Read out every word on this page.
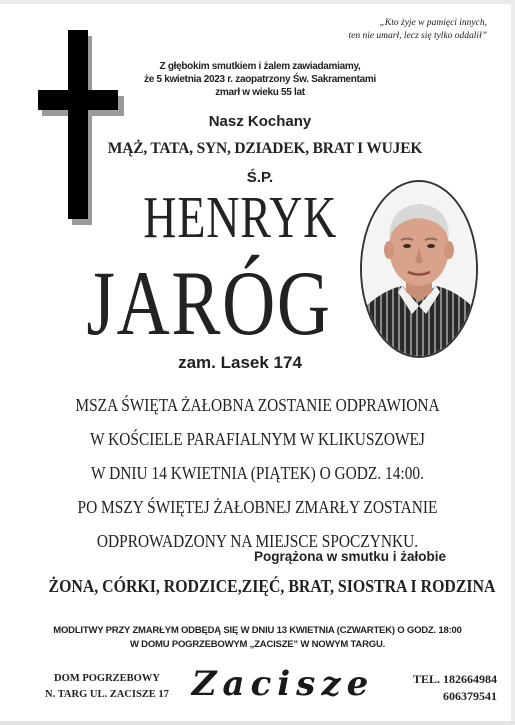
„Kto żyje w pamięci innych,
ten nie umarł, lecz się tylko oddalił”
Z głębokim smutkiem i żalem zawiadamiamy,
że 5 kwietnia 2023 r. zaopatrzony Św. Sakramentami
zmarł w wieku 55 lat
Nasz Kochany
MĄŻ, TATA, SYN, DZIADEK, BRAT I WUJEK
Ś.P.
HENRYK
JARÓG
zam. Lasek 174
MSZA ŚWIĘTA ŻAŁOBNA ZOSTANIE ODPRAWIONA
W KOŚCIELE PARAFIALNYM W KLIKUSZOWEJ
W DNIU 14 KWIETNIA (PIĄTEK) O GODZ. 14:00.
PO MSZY ŚWIĘTEJ ŻAŁOBNEJ ZMARŁY ZOSTANIE
ODPROWADZONY NA MIEJSCE SPOCZYNKU.
Pogrążona w smutku i żałobie
ŻONA, CÓRKI, RODZICE,ZIĘĆ, BRAT, SIOSTRA I RODZINA
MODLITWY PRZY ZMARŁYM ODBĘDĄ SIĘ W DNIU 13 KWIETNIA (CZWARTEK) O GODZ. 18:00
W DOMU POGRZEBOWYM „ZACISZE” W NOWYM TARGU.
DOM POGRZEBOWY
N. TARG UL. ZACISZE 17 Zacisze	TEL. 182664984
606379541
